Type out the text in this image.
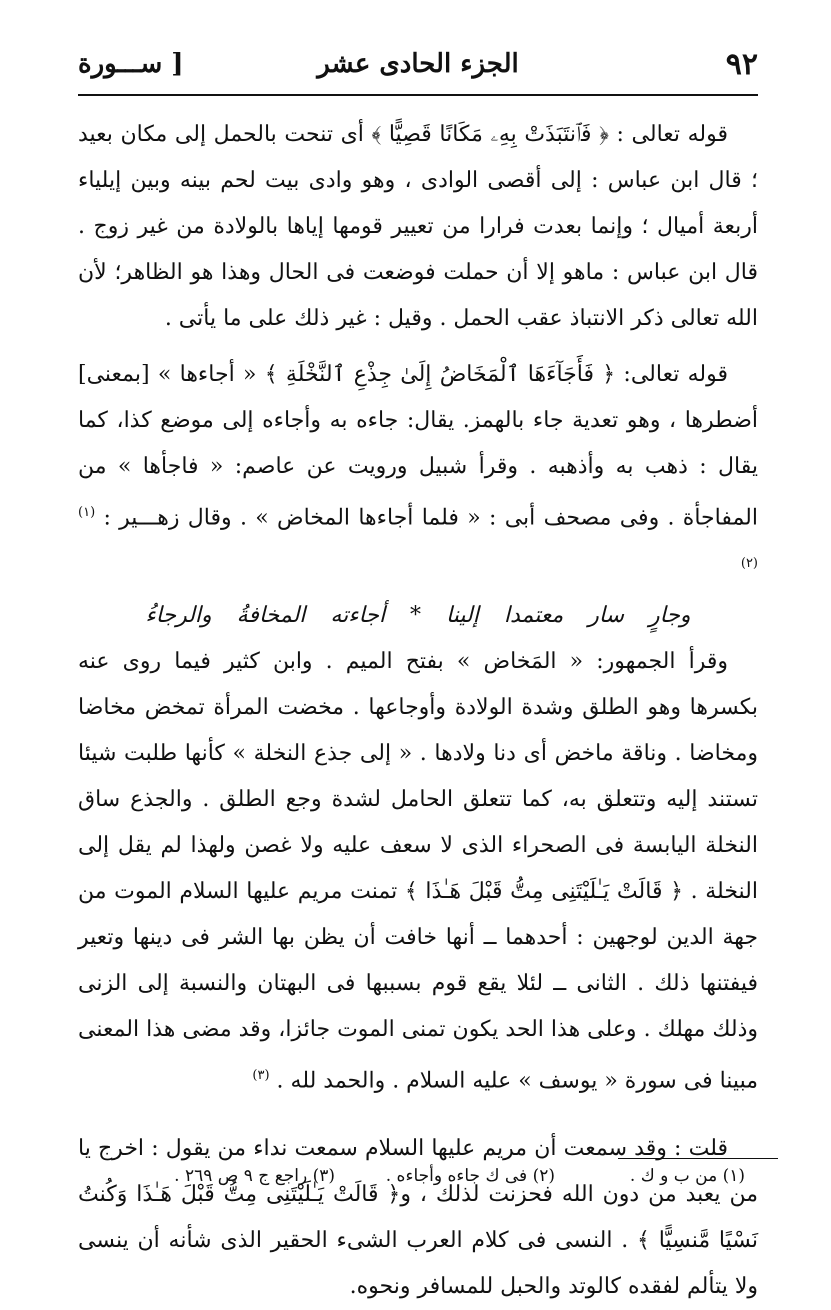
٩٢
الجزء الحادى عشر
[ ســـورة

قوله تعالى : ﴿ فَٱنتَبَذَتْ بِهِۦ مَكَانًا قَصِيًّا ﴾ أى تنحت بالحمل إلى مكان بعيد ؛ قال ابن عباس : إلى أقصى الوادى ، وهو وادى بيت لحم بينه وبين إيلياء أربعة أميال ؛ وإنما بعدت فرارا من تعيير قومها إياها بالولادة من غير زوج . قال ابن عباس : ماهو إلا أن حملت فوضعت فى الحال وهذا هو الظاهر؛ لأن الله تعالى ذكر الانتباذ عقب الحمل . وقيل : غير ذلك على ما يأتى .

قوله تعالى: ﴿ فَأَجَآءَهَا ٱلْمَخَاضُ إِلَىٰ جِذْعِ ٱلنَّخْلَةِ ﴾ « أجاءها » [بمعنى] أضطرها ، وهو تعدية جاء بالهمز. يقال: جاءه به وأجاءه إلى موضع كذا، كما يقال : ذهب به وأذهبه . وقرأ شبيل ورويت عن عاصم: « فاجأها » من المفاجأة . وفى مصحف أبى : « فلما أجاءها المخاض » . وقال زهـــير : $^{(١)}$ $^{(٢)}$

وجارٍ سار معتمدا إلينا * أجاءته المخافةُ والرجاءُ

وقرأ الجمهور: « المَخاض » بفتح الميم . وابن كثير فيما روى عنه بكسرها وهو الطلق وشدة الولادة وأوجاعها . مخضت المرأة تمخض مخاضا ومخاضا . وناقة ماخض أى دنا ولادها . « إلى جذع النخلة » كأنها طلبت شيئا تستند إليه وتتعلق به، كما تتعلق الحامل لشدة وجع الطلق . والجذع ساق النخلة اليابسة فى الصحراء الذى لا سعف عليه ولا غصن ولهذا لم يقل إلى النخلة . ﴿ قَالَتْ يَـٰلَيْتَنِى مِتُّ قَبْلَ هَـٰذَا ﴾ تمنت مريم عليها السلام الموت من جهة الدين لوجهين : أحدهما ــ أنها خافت أن يظن بها الشر فى دينها وتعير فيفتنها ذلك . الثانى ــ لئلا يقع قوم بسببها فى البهتان والنسبة إلى الزنى وذلك مهلك . وعلى هذا الحد يكون تمنى الموت جائزا، وقد مضى هذا المعنى مبينا فى سورة « يوسف » عليه السلام . والحمد لله . $^{(٣)}$

قلت : وقد سمعت أن مريم عليها السلام سمعت نداء من يقول : اخرج يا من يعبد من دون الله فحزنت لذلك ، و﴿ قَالَتْ يَـٰلَيْتَنِى مِتُّ قَبْلَ هَـٰذَا وَكُنتُ نَسْيًا مَّنسِيًّا ﴾ . النسى فى كلام العرب الشىء الحقير الذى شأنه أن ينسى ولا يتألم لفقده كالوتد والحبل للمسافر ونحوه.

(١) من ب و ك .
(٢) فى ك جاءه وأجاءه .
(٣) راجع ج ٩ ص ٢٦٩ .
